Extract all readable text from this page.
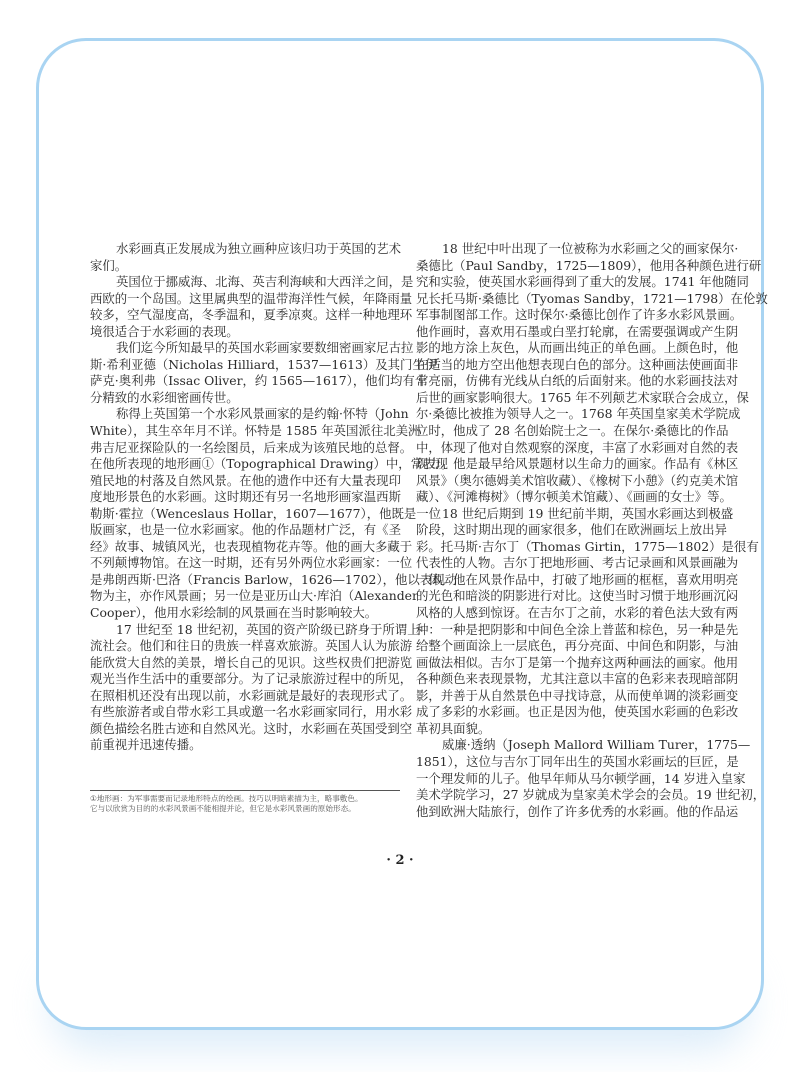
水彩画真正发展成为独立画种应该归功于英国的艺术
家们。
英国位于挪威海、北海、英吉利海峡和大西洋之间，是
西欧的一个岛国。这里属典型的温带海洋性气候，年降雨量
较多，空气湿度高，冬季温和，夏季凉爽。这样一种地理环
境很适合于水彩画的表现。
我们迄今所知最早的英国水彩画家要数细密画家尼古拉
斯·希利亚德（Nicholas Hilliard，1537—1613）及其门生伊
萨克·奥利弗（Issac Oliver，约 1565—1617），他们均有十
分精致的水彩细密画传世。
称得上英国第一个水彩风景画家的是约翰·怀特（John
White），其生卒年月不详。怀特是 1585 年英国派往北美洲
弗吉尼亚探险队的一名绘图员，后来成为该殖民地的总督。
在他所表现的地形画①（Topographical Drawing）中，常表现
殖民地的村落及自然风景。在他的遗作中还有大量表现印
度地形景色的水彩画。这时期还有另一名地形画家温西斯
勒斯·霍拉（Wenceslaus Hollar，1607—1677），他既是一位
版画家，也是一位水彩画家。他的作品题材广泛，有《圣
经》故事、城镇风光，也表现植物花卉等。他的画大多藏于
不列颠博物馆。在这一时期，还有另外两位水彩画家：一位
是弗朗西斯·巴洛（Francis Barlow，1626—1702），他以表现动
物为主，亦作风景画；另一位是亚历山大·库泊（Alexander
Cooper），他用水彩绘制的风景画在当时影响较大。
17 世纪至 18 世纪初，英国的资产阶级已跻身于所谓上
流社会。他们和往日的贵族一样喜欢旅游。英国人认为旅游
能欣赏大自然的美景，增长自己的见识。这些权贵们把游览
观光当作生活中的重要部分。为了记录旅游过程中的所见，
在照相机还没有出现以前，水彩画就是最好的表现形式了。
有些旅游者或自带水彩工具或邀一名水彩画家同行，用水彩
颜色描绘名胜古迹和自然风光。这时，水彩画在英国受到空
前重视并迅速传播。
18 世纪中叶出现了一位被称为水彩画之父的画家保尔·
桑德比（Paul Sandby，1725—1809），他用各种颜色进行研
究和实验，使英国水彩画得到了重大的发展。1741 年他随同
兄长托马斯·桑德比（Tyomas Sandby，1721—1798）在伦敦
军事制图部工作。这时保尔·桑德比创作了许多水彩风景画。
他作画时，喜欢用石墨或白垩打轮廓，在需要强调或产生阴
影的地方涂上灰色，从而画出纯正的单色画。上颜色时，他
在适当的地方空出他想表现白色的部分。这种画法使画面非
常亮丽，仿佛有光线从白纸的后面射来。他的水彩画技法对
后世的画家影响很大。1765 年不列颠艺术家联合会成立，保
尔·桑德比被推为领导人之一。1768 年英国皇家美术学院成
立时，他成了 28 名创始院士之一。在保尔·桑德比的作品
中，体现了他对自然观察的深度，丰富了水彩画对自然的表
现力。他是最早给风景题材以生命力的画家。作品有《林区
风景》（奥尔德姆美术馆收藏）、《橡树下小憩》（约克美术馆
藏）、《河滩梅树》（博尔顿美术馆藏）、《画画的女士》等。
18 世纪后期到 19 世纪前半期，英国水彩画达到极盛
阶段，这时期出现的画家很多，他们在欧洲画坛上放出异
彩。托马斯·吉尔丁（Thomas Girtin，1775—1802）是很有
代表性的人物。吉尔丁把地形画、考古记录画和风景画融为
一体。他在风景作品中，打破了地形画的框框，喜欢用明亮
的光色和暗淡的阴影进行对比。这使当时习惯于地形画沉闷
风格的人感到惊讶。在吉尔丁之前，水彩的着色法大致有两
种：一种是把阴影和中间色全涂上普蓝和棕色，另一种是先
给整个画面涂上一层底色，再分亮面、中间色和阴影，与油
画做法相似。吉尔丁是第一个抛弃这两种画法的画家。他用
各种颜色来表现景物，尤其注意以丰富的色彩来表现暗部阴
影，并善于从自然景色中寻找诗意，从而使单调的淡彩画变
成了多彩的水彩画。也正是因为他，使英国水彩画的色彩改
革初具面貌。
威廉·透纳（Joseph Mallord William Turer，1775—
1851），这位与吉尔丁同年出生的英国水彩画坛的巨匠，是
一个理发师的儿子。他早年师从马尔顿学画，14 岁进入皇家
美术学院学习，27 岁就成为皇家美术学会的会员。19 世纪初，
他到欧洲大陆旅行，创作了许多优秀的水彩画。他的作品运
①地形画：为军事需要而记录地形特点的绘画。技巧以明暗素描为主，略事敷色。
它与以欣赏为目的的水彩风景画不能相提并论，但它是水彩风景画的原始形态。
· 2 ·
